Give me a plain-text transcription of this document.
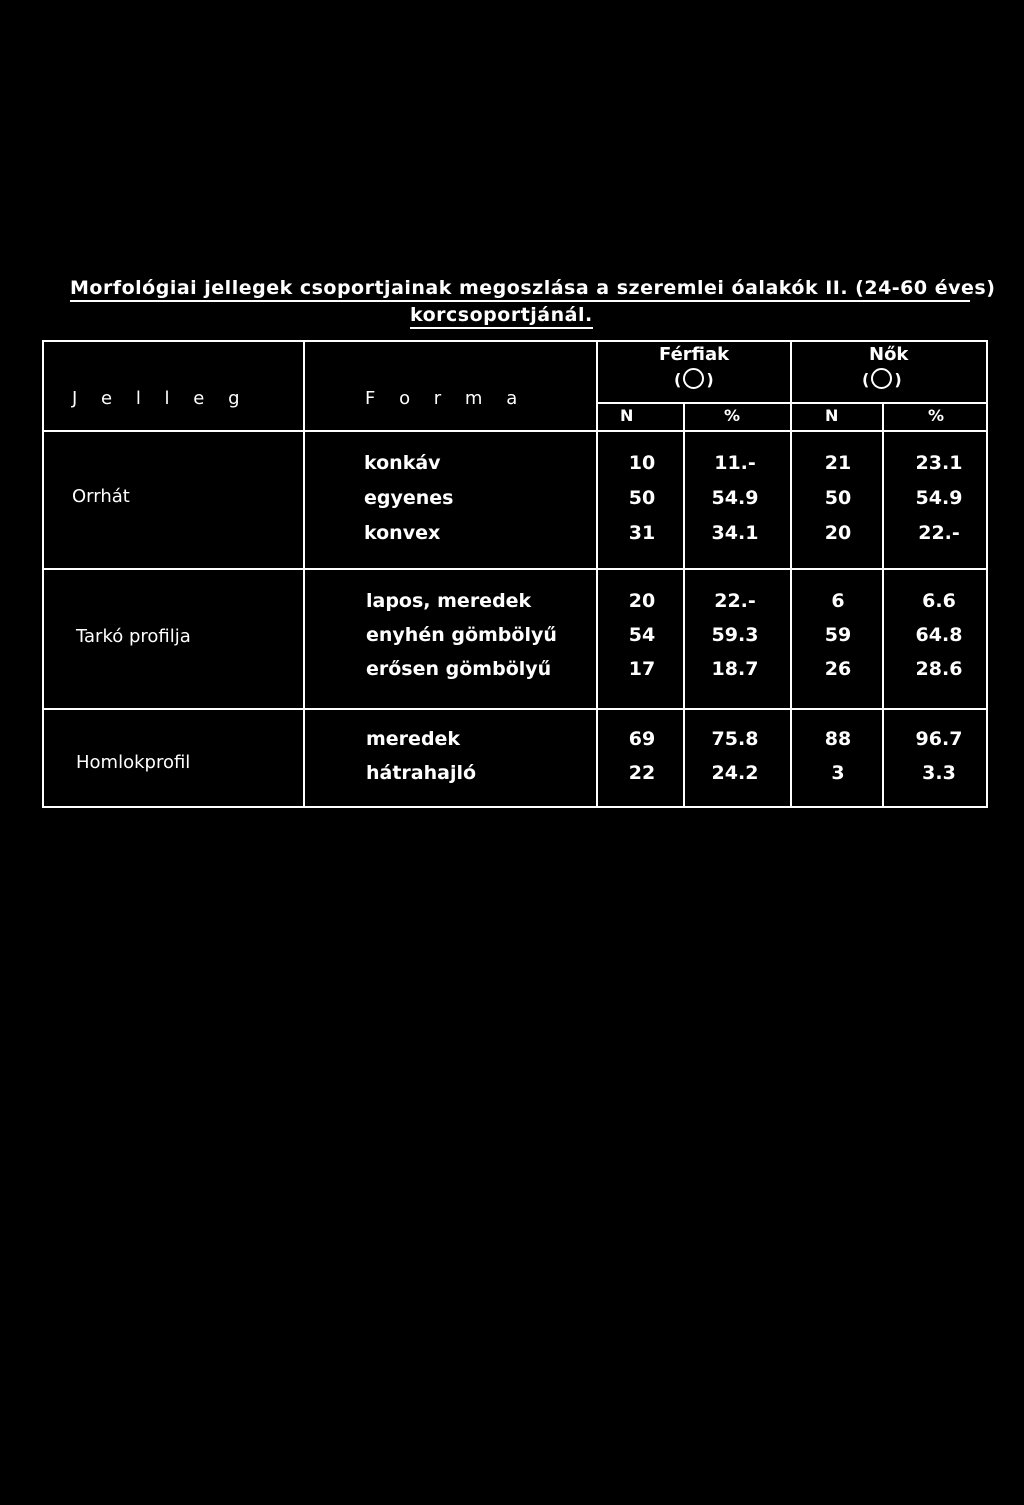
Morfológiai jellegek csoportjainak megoszlása a szeremlei óalakók II. (24-60 éves)
korcsoportjánál.
J e l l e g	F o r m a
Férfiak
( )
Nők
( )
N	%	N	%
Orrhát
konkáv	10	11.-	21	23.1
egyenes	50	54.9	50	54.9
konvex	31	34.1	20	22.-
Tarkó profilja
lapos, meredek	20	22.-	6	6.6
enyhén gömbölyű	54	59.3	59	64.8
erősen gömbölyű	17	18.7	26	28.6
Homlokprofil
meredek	69	75.8	88	96.7
hátrahajló	22	24.2	3	3.3
